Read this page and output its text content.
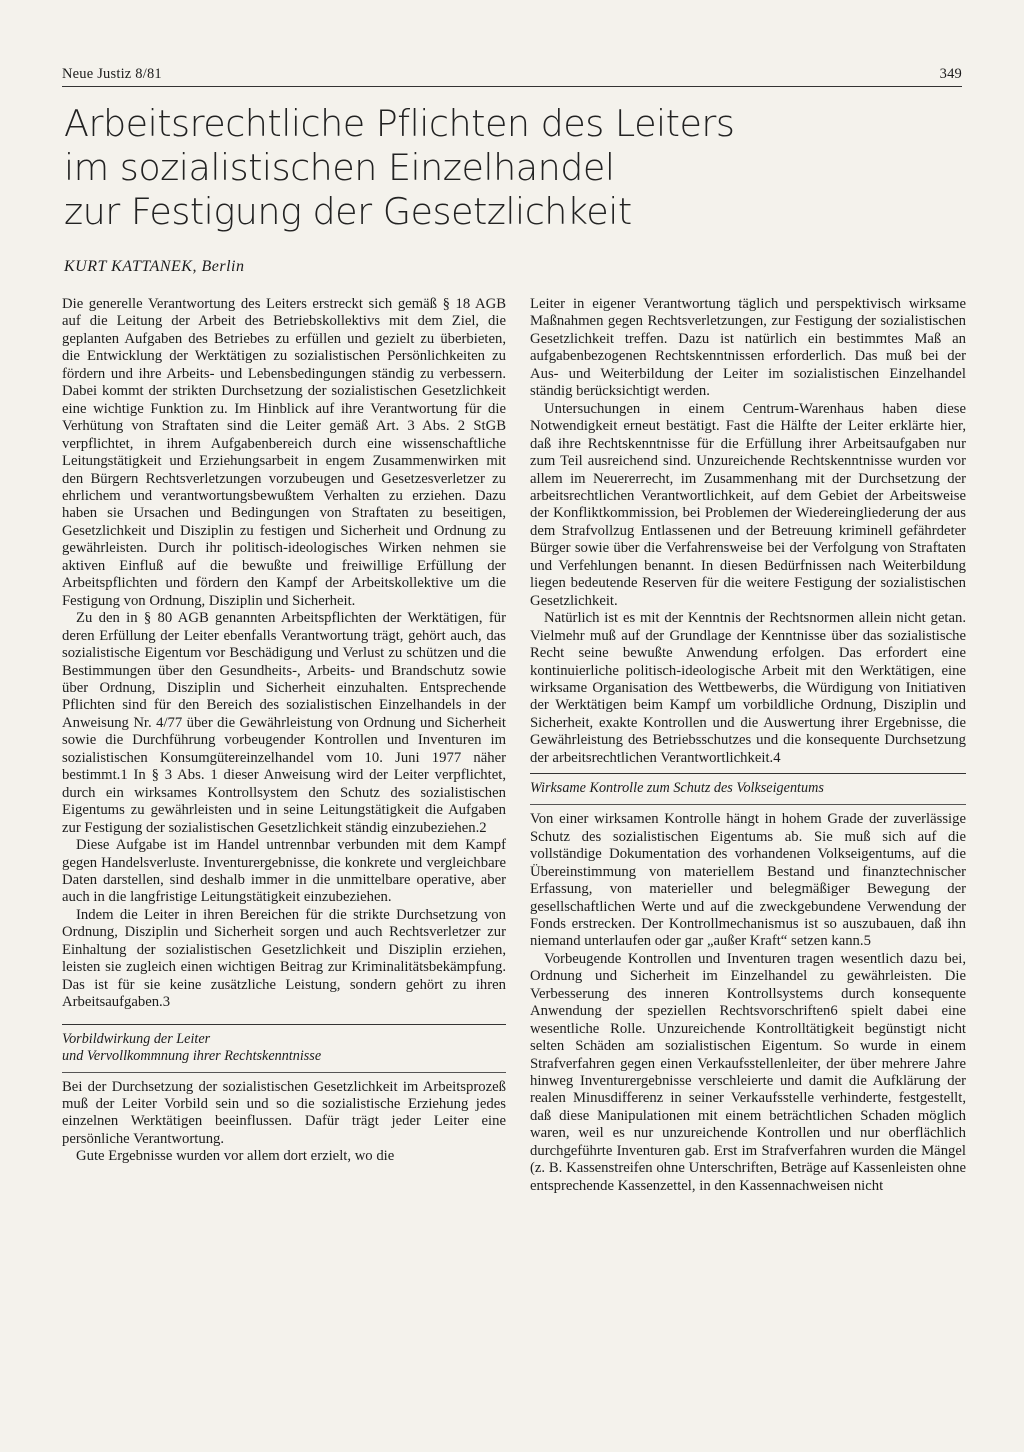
Neue Justiz 8/81	349
Arbeitsrechtliche Pflichten des Leiters
im sozialistischen Einzelhandel
zur Festigung der Gesetzlichkeit
KURT KATTANEK, Berlin

Die generelle Verantwortung des Leiters erstreckt sich gemäß § 18 AGB auf die Leitung der Arbeit des Betriebskollektivs mit dem Ziel, die geplanten Aufgaben des Betriebes zu erfüllen und gezielt zu überbieten, die Entwicklung der Werktätigen zu sozialistischen Persönlichkeiten zu fördern und ihre Arbeits- und Lebensbedingungen ständig zu verbessern. Dabei kommt der strikten Durchsetzung der sozialistischen Gesetzlichkeit eine wichtige Funktion zu. Im Hinblick auf ihre Verantwortung für die Verhütung von Straftaten sind die Leiter gemäß Art. 3 Abs. 2 StGB verpflichtet, in ihrem Aufgabenbereich durch eine wissenschaftliche Leitungstätigkeit und Erziehungsarbeit in engem Zusammenwirken mit den Bürgern Rechtsverletzungen vorzubeugen und Gesetzesverletzer zu ehrlichem und verantwortungsbewußtem Verhalten zu erziehen. Dazu haben sie Ursachen und Bedingungen von Straftaten zu beseitigen, Gesetzlichkeit und Disziplin zu festigen und Sicherheit und Ordnung zu gewährleisten. Durch ihr politisch-ideologisches Wirken nehmen sie aktiven Einfluß auf die bewußte und freiwillige Erfüllung der Arbeitspflichten und fördern den Kampf der Arbeitskollektive um die Festigung von Ordnung, Disziplin und Sicherheit.

Zu den in § 80 AGB genannten Arbeitspflichten der Werktätigen, für deren Erfüllung der Leiter ebenfalls Verantwortung trägt, gehört auch, das sozialistische Eigentum vor Beschädigung und Verlust zu schützen und die Bestimmungen über den Gesundheits-, Arbeits- und Brandschutz sowie über Ordnung, Disziplin und Sicherheit einzuhalten. Entsprechende Pflichten sind für den Bereich des sozialistischen Einzelhandels in der Anweisung Nr. 4/77 über die Gewährleistung von Ordnung und Sicherheit sowie die Durchführung vorbeugender Kontrollen und Inventuren im sozialistischen Konsumgütereinzelhandel vom 10. Juni 1977 näher bestimmt.1 In § 3 Abs. 1 dieser Anweisung wird der Leiter verpflichtet, durch ein wirksames Kontrollsystem den Schutz des sozialistischen Eigentums zu gewährleisten und in seine Leitungstätigkeit die Aufgaben zur Festigung der sozialistischen Gesetzlichkeit ständig einzubeziehen.2

Diese Aufgabe ist im Handel untrennbar verbunden mit dem Kampf gegen Handelsverluste. Inventurergebnisse, die konkrete und vergleichbare Daten darstellen, sind deshalb immer in die unmittelbare operative, aber auch in die langfristige Leitungstätigkeit einzubeziehen.

Indem die Leiter in ihren Bereichen für die strikte Durchsetzung von Ordnung, Disziplin und Sicherheit sorgen und auch Rechtsverletzer zur Einhaltung der sozialistischen Gesetzlichkeit und Disziplin erziehen, leisten sie zugleich einen wichtigen Beitrag zur Kriminalitätsbekämpfung. Das ist für sie keine zusätzliche Leistung, sondern gehört zu ihren Arbeitsaufgaben.3

Vorbildwirkung der Leiter
und Vervollkommnung ihrer Rechtskenntnisse

Bei der Durchsetzung der sozialistischen Gesetzlichkeit im Arbeitsprozeß muß der Leiter Vorbild sein und so die sozialistische Erziehung jedes einzelnen Werktätigen beeinflussen. Dafür trägt jeder Leiter eine persönliche Verantwortung.

Gute Ergebnisse wurden vor allem dort erzielt, wo die

Leiter in eigener Verantwortung täglich und perspektivisch wirksame Maßnahmen gegen Rechtsverletzungen, zur Festigung der sozialistischen Gesetzlichkeit treffen. Dazu ist natürlich ein bestimmtes Maß an aufgabenbezogenen Rechtskenntnissen erforderlich. Das muß bei der Aus- und Weiterbildung der Leiter im sozialistischen Einzelhandel ständig berücksichtigt werden.

Untersuchungen in einem Centrum-Warenhaus haben diese Notwendigkeit erneut bestätigt. Fast die Hälfte der Leiter erklärte hier, daß ihre Rechtskenntnisse für die Erfüllung ihrer Arbeitsaufgaben nur zum Teil ausreichend sind. Unzureichende Rechtskenntnisse wurden vor allem im Neuererrecht, im Zusammenhang mit der Durchsetzung der arbeitsrechtlichen Verantwortlichkeit, auf dem Gebiet der Arbeitsweise der Konfliktkommission, bei Problemen der Wiedereingliederung der aus dem Strafvollzug Entlassenen und der Betreuung kriminell gefährdeter Bürger sowie über die Verfahrensweise bei der Verfolgung von Straftaten und Verfehlungen benannt. In diesen Bedürfnissen nach Weiterbildung liegen bedeutende Reserven für die weitere Festigung der sozialistischen Gesetzlichkeit.

Natürlich ist es mit der Kenntnis der Rechtsnormen allein nicht getan. Vielmehr muß auf der Grundlage der Kenntnisse über das sozialistische Recht seine bewußte Anwendung erfolgen. Das erfordert eine kontinuierliche politisch-ideologische Arbeit mit den Werktätigen, eine wirksame Organisation des Wettbewerbs, die Würdigung von Initiativen der Werktätigen beim Kampf um vorbildliche Ordnung, Disziplin und Sicherheit, exakte Kontrollen und die Auswertung ihrer Ergebnisse, die Gewährleistung des Betriebsschutzes und die konsequente Durchsetzung der arbeitsrechtlichen Verantwortlichkeit.4

Wirksame Kontrolle zum Schutz des Volkseigentums

Von einer wirksamen Kontrolle hängt in hohem Grade der zuverlässige Schutz des sozialistischen Eigentums ab. Sie muß sich auf die vollständige Dokumentation des vorhandenen Volkseigentums, auf die Übereinstimmung von materiellem Bestand und finanztechnischer Erfassung, von materieller und belegmäßiger Bewegung der gesellschaftlichen Werte und auf die zweckgebundene Verwendung der Fonds erstrecken. Der Kontrollmechanismus ist so auszubauen, daß ihn niemand unterlaufen oder gar „außer Kraft“ setzen kann.5

Vorbeugende Kontrollen und Inventuren tragen wesentlich dazu bei, Ordnung und Sicherheit im Einzelhandel zu gewährleisten. Die Verbesserung des inneren Kontrollsystems durch konsequente Anwendung der speziellen Rechtsvorschriften6 spielt dabei eine wesentliche Rolle. Unzureichende Kontrolltätigkeit begünstigt nicht selten Schäden am sozialistischen Eigentum. So wurde in einem Strafverfahren gegen einen Verkaufsstellenleiter, der über mehrere Jahre hinweg Inventurergebnisse verschleierte und damit die Aufklärung der realen Minusdifferenz in seiner Verkaufsstelle verhinderte, festgestellt, daß diese Manipulationen mit einem beträchtlichen Schaden möglich waren, weil es nur unzureichende Kontrollen und nur oberflächlich durchgeführte Inventuren gab. Erst im Strafverfahren wurden die Mängel (z. B. Kassenstreifen ohne Unterschriften, Beträge auf Kassenleisten ohne entsprechende Kassenzettel, in den Kassennachweisen nicht
